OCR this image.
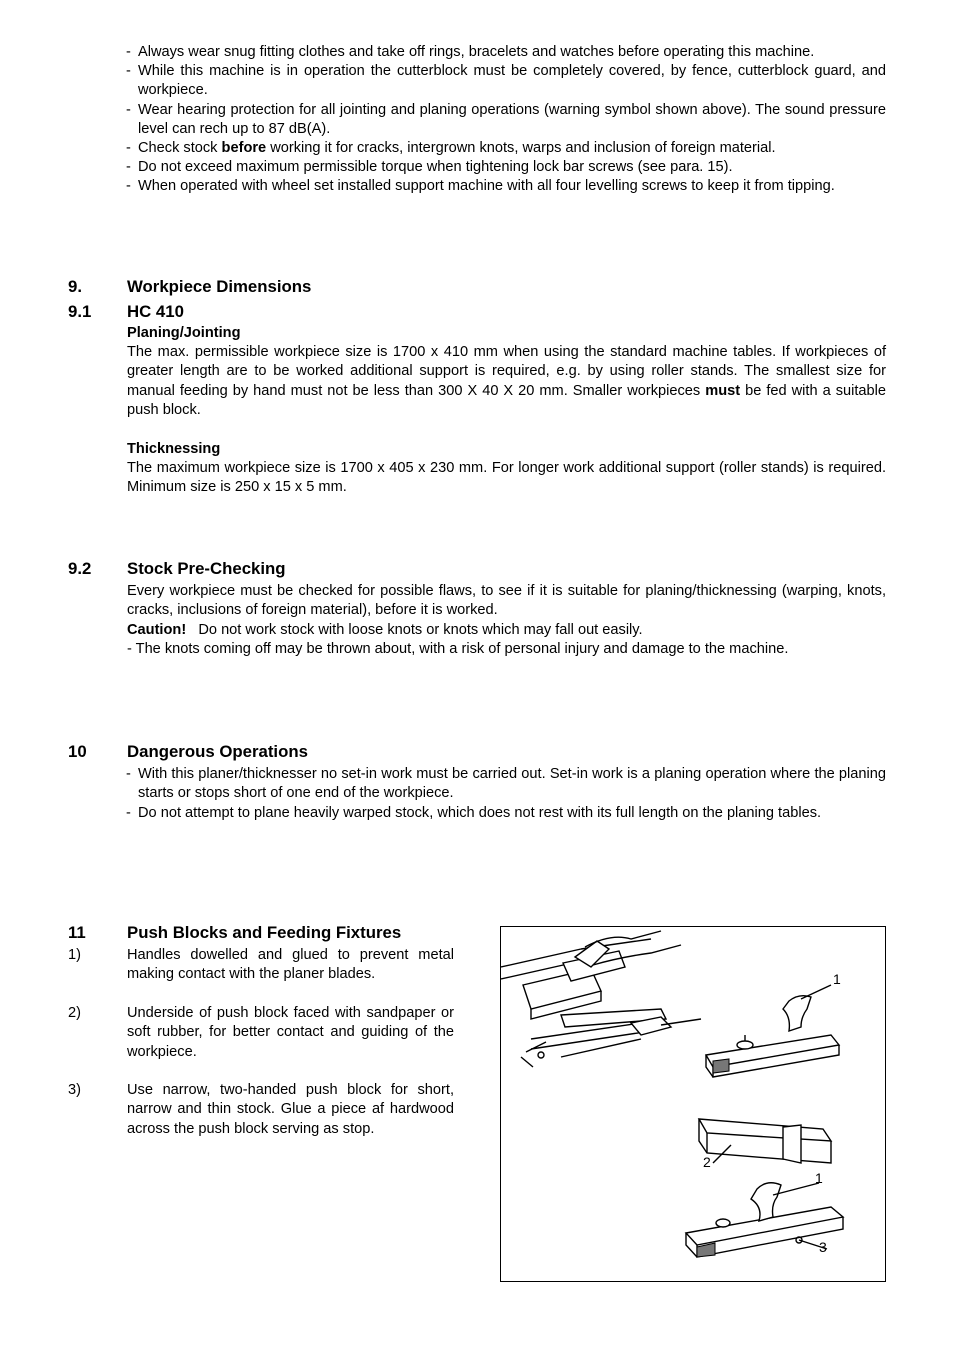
- Always wear snug fitting clothes and take off rings, bracelets and watches before operating this machine.
- While this machine is in operation the cutterblock must be completely covered, by fence, cutterblock guard, and workpiece.
- Wear hearing protection for all jointing and planing operations (warning symbol shown above). The sound pressure level can rech up to 87 dB(A).
- Check stock before working it for cracks, intergrown knots, warps and inclusion of foreign material.
- Do not exceed maximum permissible torque when tightening lock bar screws (see para. 15).
- When operated with wheel set installed support machine with all four levelling screws to keep it from tipping.
9.	Workpiece Dimensions
9.1 HC 410
Planing/Jointing
The max. permissible workpiece size is 1700 x 410 mm when using the standard machine tables. If workpieces of greater length are to be worked additional support is required, e.g. by using roller stands. The smallest size for manual feeding by hand must not be less than 300 X 40 X 20 mm. Smaller workpieces must be fed with a suitable push block.
Thicknessing
The maximum workpiece size is 1700 x 405 x 230 mm. For longer work additional support (roller stands) is required. Minimum size is 250 x 15 x 5 mm.
9.2 Stock Pre-Checking
Every workpiece must be checked for possible flaws, to see if it is suitable for planing/thicknessing (warping, knots, cracks, inclusions of foreign material), before it is worked.
Caution! Do not work stock with loose knots or knots which may fall out easily.
- The knots coming off may be thrown about, with a risk of personal injury and damage to the machine.
10 Dangerous Operations
- With this planer/thicknesser no set-in work must be carried out. Set-in work is a planing operation where the planing starts or stops short of one end of the workpiece.
- Do not attempt to plane heavily warped stock, which does not rest with its full length on the planing tables.
11 Push Blocks and Feeding Fixtures
1)	Handles dowelled and glued to prevent metal making contact with the planer blades.
2)	Underside of push block faced with sandpaper or soft rubber, for better contact and guiding of the workpiece.
3)	Use narrow, two-handed push block for short, narrow and thin stock. Glue a piece af hardwood across the push block serving as stop.
1
2
1
3
